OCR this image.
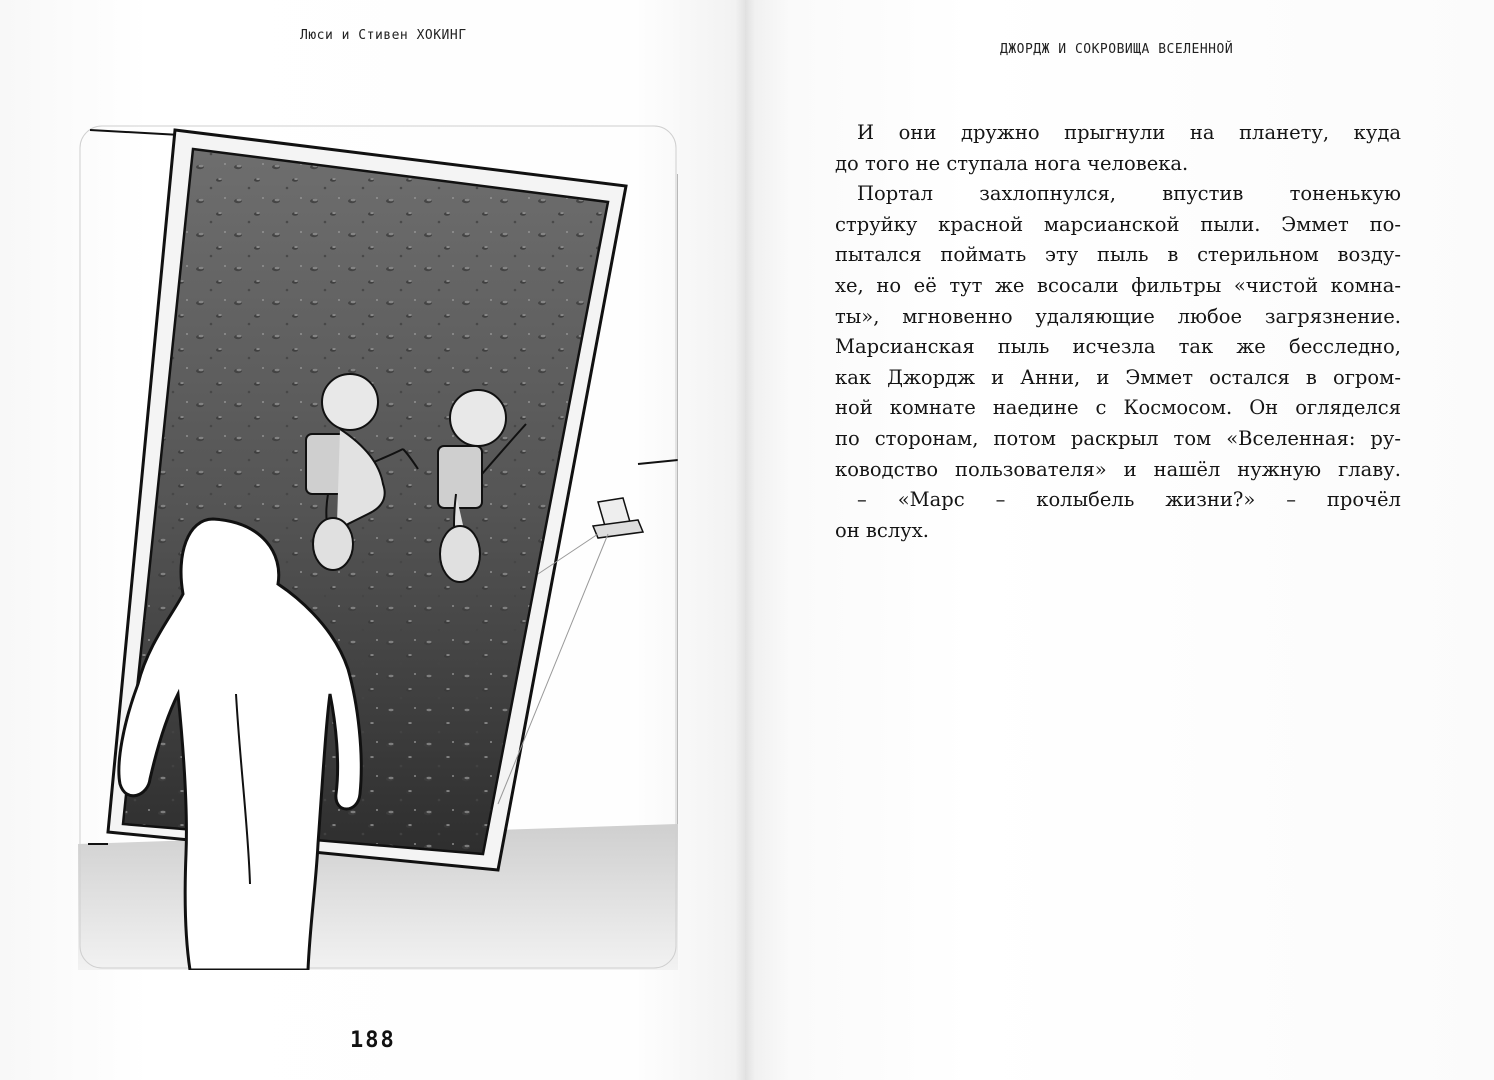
Люси и Стивен ХОКИНГ
ДЖОРДЖ И СОКРОВИЩА ВСЕЛЕННОЙ
188
И они дружно прыгнули на планету, куда
до того не ступала нога человека.
Портал захлопнулся, впустив тоненькую
струйку красной марсианской пыли. Эммет по-
пытался поймать эту пыль в стерильном возду-
хе, но её тут же всосали фильтры «чистой комна-
ты», мгновенно удаляющие любое загрязнение.
Марсианская пыль исчезла так же бесследно,
как Джордж и Анни, и Эммет остался в огром-
ной комнате наедине с Космосом. Он огляделся
по сторонам, потом раскрыл том «Вселенная: ру-
ководство пользователя» и нашёл нужную главу.
– «Марс – колыбель жизни?» – прочёл
он вслух.
